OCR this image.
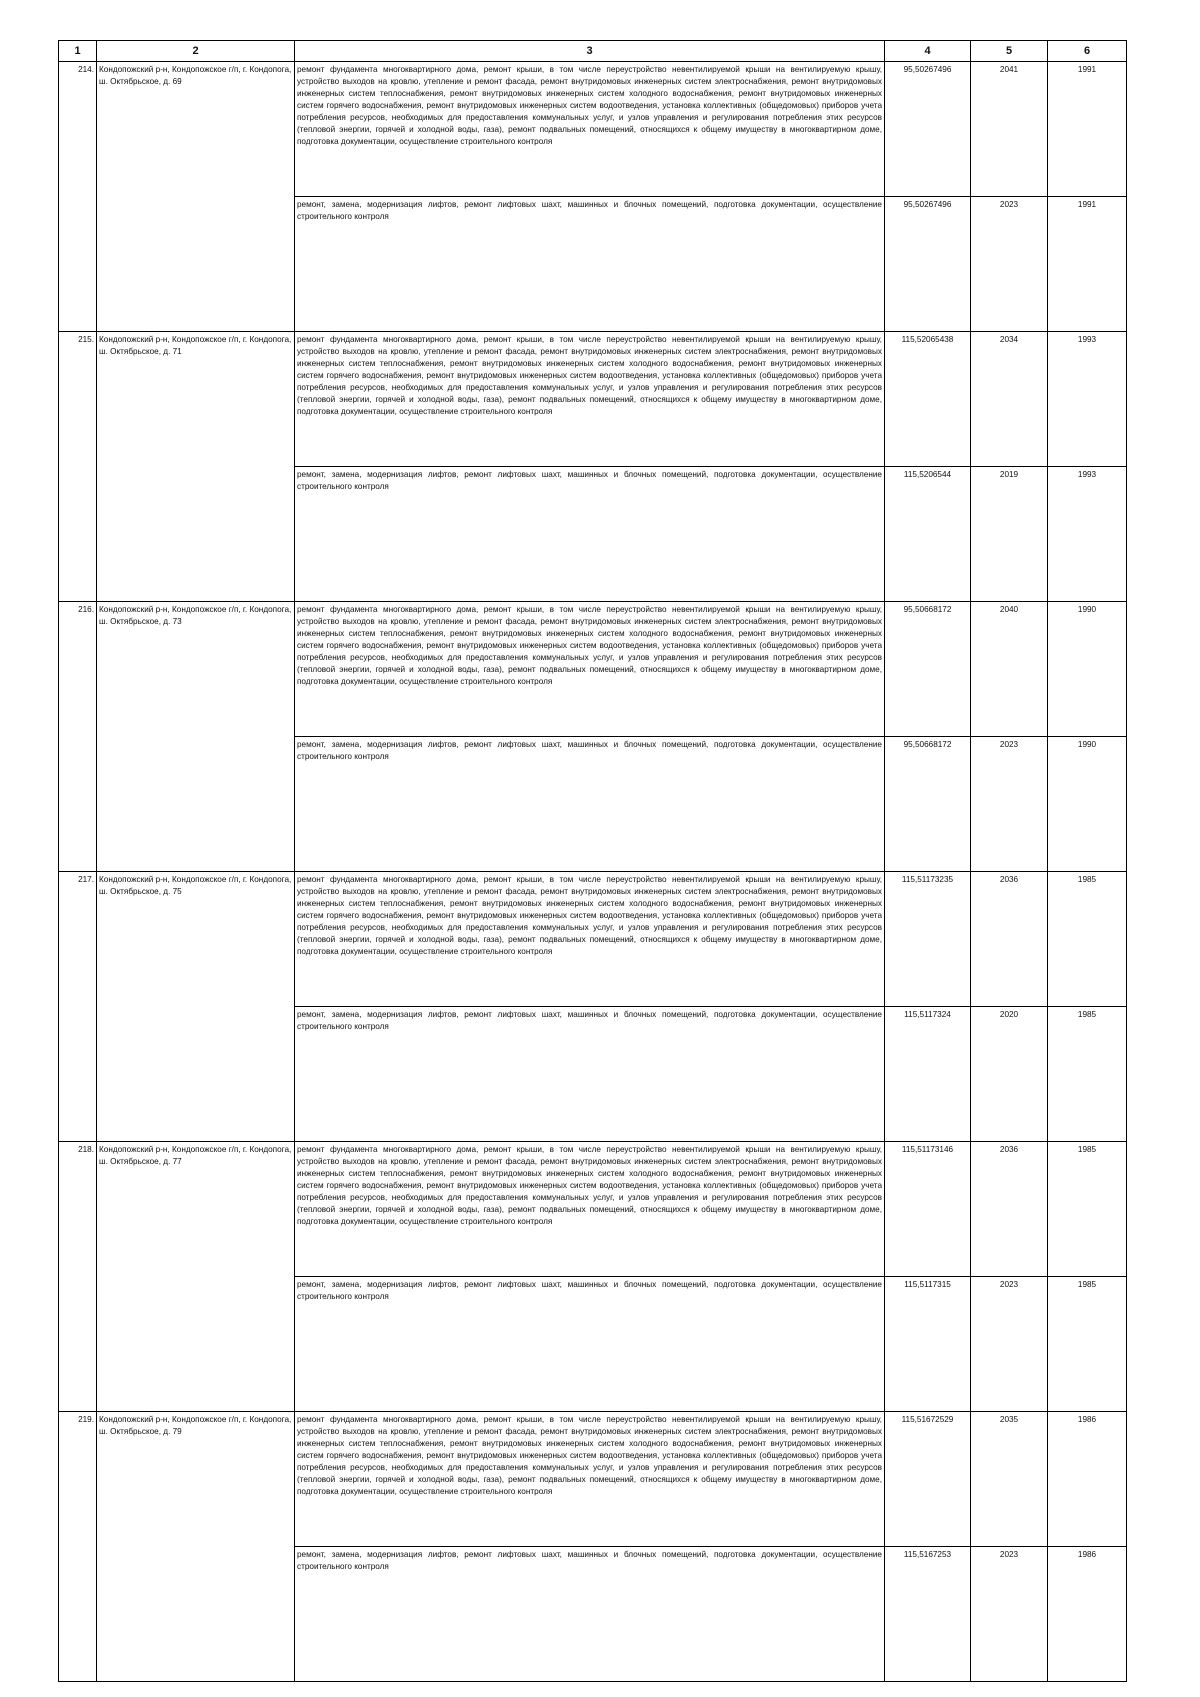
1	2	3	4	5	6
214.	Кондопожский р-н, Кондопожское г/п, г. Кондопога, ш. Октябрьское, д. 69	ремонт фундамента многоквартирного дома, ремонт крыши, в том числе переустройство невентилируемой крыши на вентилируемую крышу, устройство выходов на кровлю, утепление и ремонт фасада, ремонт внутридомовых инженерных систем электроснабжения, ремонт внутридомовых инженерных систем теплоснабжения, ремонт внутридомовых инженерных систем холодного водоснабжения, ремонт внутридомовых инженерных систем горячего водоснабжения, ремонт внутридомовых инженерных систем водоотведения, установка коллективных (общедомовых) приборов учета потребления ресурсов, необходимых для предоставления коммунальных услуг, и узлов управления и регулирования потребления этих ресурсов (тепловой энергии, горячей и холодной воды, газа), ремонт подвальных помещений, относящихся к общему имуществу в многоквартирном доме, подготовка документации, осуществление строительного контроля	95,50267496	2041	1991
		ремонт, замена, модернизация лифтов, ремонт лифтовых шахт, машинных и блочных помещений, подготовка документации, осуществление строительного контроля	95,50267496	2023	1991
215.	Кондопожский р-н, Кондопожское г/п, г. Кондопога, ш. Октябрьское, д. 71	ремонт фундамента многоквартирного дома, ремонт крыши, в том числе переустройство невентилируемой крыши на вентилируемую крышу, устройство выходов на кровлю, утепление и ремонт фасада, ремонт внутридомовых инженерных систем электроснабжения, ремонт внутридомовых инженерных систем теплоснабжения, ремонт внутридомовых инженерных систем холодного водоснабжения, ремонт внутридомовых инженерных систем горячего водоснабжения, ремонт внутридомовых инженерных систем водоотведения, установка коллективных (общедомовых) приборов учета потребления ресурсов, необходимых для предоставления коммунальных услуг, и узлов управления и регулирования потребления этих ресурсов (тепловой энергии, горячей и холодной воды, газа), ремонт подвальных помещений, относящихся к общему имуществу в многоквартирном доме, подготовка документации, осуществление строительного контроля	115,52065438	2034	1993
		ремонт, замена, модернизация лифтов, ремонт лифтовых шахт, машинных и блочных помещений, подготовка документации, осуществление строительного контроля	115,5206544	2019	1993
216.	Кондопожский р-н, Кондопожское г/п, г. Кондопога, ш. Октябрьское, д. 73	ремонт фундамента многоквартирного дома, ремонт крыши, в том числе переустройство невентилируемой крыши на вентилируемую крышу, устройство выходов на кровлю, утепление и ремонт фасада, ремонт внутридомовых инженерных систем электроснабжения, ремонт внутридомовых инженерных систем теплоснабжения, ремонт внутридомовых инженерных систем холодного водоснабжения, ремонт внутридомовых инженерных систем горячего водоснабжения, ремонт внутридомовых инженерных систем водоотведения, установка коллективных (общедомовых) приборов учета потребления ресурсов, необходимых для предоставления коммунальных услуг, и узлов управления и регулирования потребления этих ресурсов (тепловой энергии, горячей и холодной воды, газа), ремонт подвальных помещений, относящихся к общему имуществу в многоквартирном доме, подготовка документации, осуществление строительного контроля	95,50668172	2040	1990
		ремонт, замена, модернизация лифтов, ремонт лифтовых шахт, машинных и блочных помещений, подготовка документации, осуществление строительного контроля	95,50668172	2023	1990
217.	Кондопожский р-н, Кондопожское г/п, г. Кондопога, ш. Октябрьское, д. 75	ремонт фундамента многоквартирного дома, ремонт крыши, в том числе переустройство невентилируемой крыши на вентилируемую крышу, устройство выходов на кровлю, утепление и ремонт фасада, ремонт внутридомовых инженерных систем электроснабжения, ремонт внутридомовых инженерных систем теплоснабжения, ремонт внутридомовых инженерных систем холодного водоснабжения, ремонт внутридомовых инженерных систем горячего водоснабжения, ремонт внутридомовых инженерных систем водоотведения, установка коллективных (общедомовых) приборов учета потребления ресурсов, необходимых для предоставления коммунальных услуг, и узлов управления и регулирования потребления этих ресурсов (тепловой энергии, горячей и холодной воды, газа), ремонт подвальных помещений, относящихся к общему имуществу в многоквартирном доме, подготовка документации, осуществление строительного контроля	115,51173235	2036	1985
		ремонт, замена, модернизация лифтов, ремонт лифтовых шахт, машинных и блочных помещений, подготовка документации, осуществление строительного контроля	115,5117324	2020	1985
218.	Кондопожский р-н, Кондопожское г/п, г. Кондопога, ш. Октябрьское, д. 77	ремонт фундамента многоквартирного дома, ремонт крыши, в том числе переустройство невентилируемой крыши на вентилируемую крышу, устройство выходов на кровлю, утепление и ремонт фасада, ремонт внутридомовых инженерных систем электроснабжения, ремонт внутридомовых инженерных систем теплоснабжения, ремонт внутридомовых инженерных систем холодного водоснабжения, ремонт внутридомовых инженерных систем горячего водоснабжения, ремонт внутридомовых инженерных систем водоотведения, установка коллективных (общедомовых) приборов учета потребления ресурсов, необходимых для предоставления коммунальных услуг, и узлов управления и регулирования потребления этих ресурсов (тепловой энергии, горячей и холодной воды, газа), ремонт подвальных помещений, относящихся к общему имуществу в многоквартирном доме, подготовка документации, осуществление строительного контроля	115,51173146	2036	1985
		ремонт, замена, модернизация лифтов, ремонт лифтовых шахт, машинных и блочных помещений, подготовка документации, осуществление строительного контроля	115,5117315	2023	1985
219.	Кондопожский р-н, Кондопожское г/п, г. Кондопога, ш. Октябрьское, д. 79	ремонт фундамента многоквартирного дома, ремонт крыши, в том числе переустройство невентилируемой крыши на вентилируемую крышу, устройство выходов на кровлю, утепление и ремонт фасада, ремонт внутридомовых инженерных систем электроснабжения, ремонт внутридомовых инженерных систем теплоснабжения, ремонт внутридомовых инженерных систем холодного водоснабжения, ремонт внутридомовых инженерных систем горячего водоснабжения, ремонт внутридомовых инженерных систем водоотведения, установка коллективных (общедомовых) приборов учета потребления ресурсов, необходимых для предоставления коммунальных услуг, и узлов управления и регулирования потребления этих ресурсов (тепловой энергии, горячей и холодной воды, газа), ремонт подвальных помещений, относящихся к общему имуществу в многоквартирном доме, подготовка документации, осуществление строительного контроля	115,51672529	2035	1986
		ремонт, замена, модернизация лифтов, ремонт лифтовых шахт, машинных и блочных помещений, подготовка документации, осуществление строительного контроля	115,5167253	2023	1986
